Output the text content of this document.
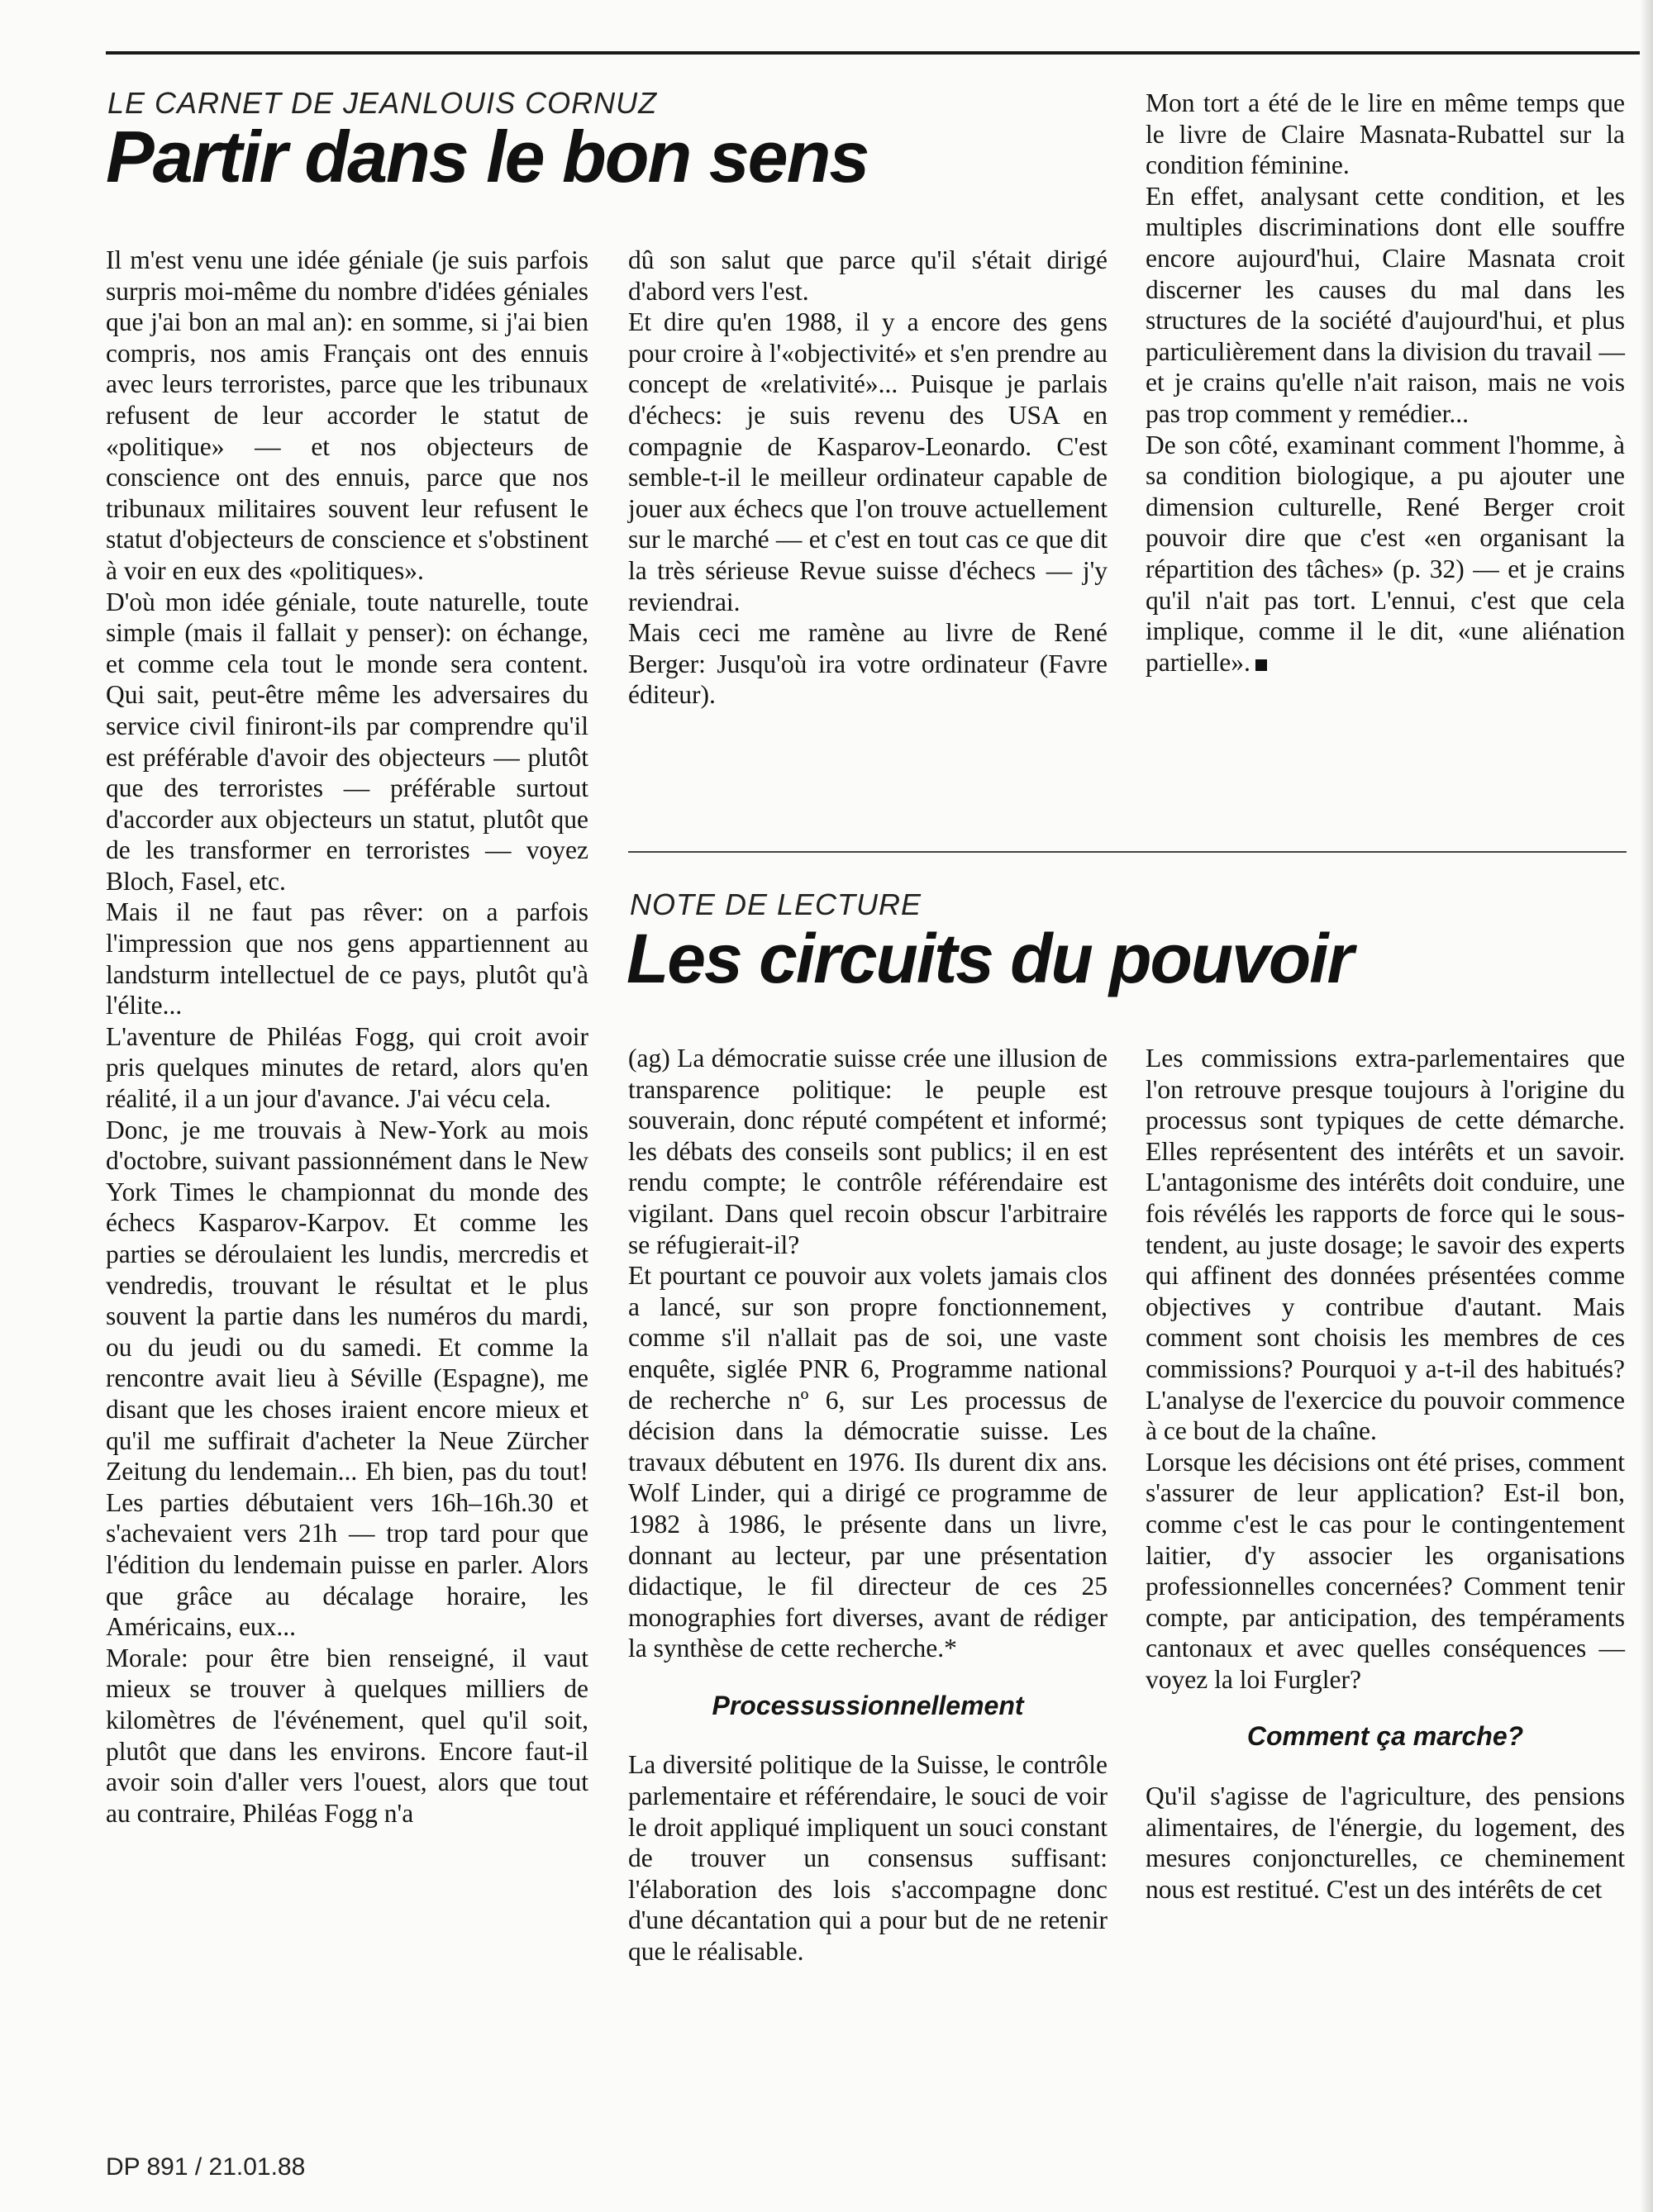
LE CARNET DE JEANLOUIS CORNUZ

Partir dans le bon sens

Il m'est venu une idée géniale (je suis parfois surpris moi-même du nombre d'idées géniales que j'ai bon an mal an): en somme, si j'ai bien compris, nos amis Français ont des ennuis avec leurs terroristes, parce que les tribunaux refusent de leur accorder le statut de «politique» — et nos objecteurs de conscience ont des ennuis, parce que nos tribunaux militaires souvent leur refusent le statut d'objecteurs de conscience et s'obstinent à voir en eux des «politiques».

D'où mon idée géniale, toute naturelle, toute simple (mais il fallait y penser): on échange, et comme cela tout le monde sera content. Qui sait, peut-être même les adversaires du service civil finiront-ils par comprendre qu'il est préférable d'avoir des objecteurs — plutôt que des terroristes — préférable surtout d'accorder aux objecteurs un statut, plutôt que de les transformer en terroristes — voyez Bloch, Fasel, etc.

Mais il ne faut pas rêver: on a parfois l'impression que nos gens appartiennent au landsturm intellectuel de ce pays, plutôt qu'à l'élite...

L'aventure de Philéas Fogg, qui croit avoir pris quelques minutes de retard, alors qu'en réalité, il a un jour d'avance. J'ai vécu cela.

Donc, je me trouvais à New-York au mois d'octobre, suivant passionnément dans le New York Times le championnat du monde des échecs Kasparov-Karpov. Et comme les parties se déroulaient les lundis, mercredis et vendredis, trouvant le résultat et le plus souvent la partie dans les numéros du mardi, ou du jeudi ou du samedi. Et comme la rencontre avait lieu à Séville (Espagne), me disant que les choses iraient encore mieux et qu'il me suffirait d'acheter la Neue Zürcher Zeitung du lendemain... Eh bien, pas du tout! Les parties débutaient vers 16h–16h.30 et s'achevaient vers 21h — trop tard pour que l'édition du lendemain puisse en parler. Alors que grâce au décalage horaire, les Américains, eux...

Morale: pour être bien renseigné, il vaut mieux se trouver à quelques milliers de kilomètres de l'événement, quel qu'il soit, plutôt que dans les environs. Encore faut-il avoir soin d'aller vers l'ouest, alors que tout au contraire, Philéas Fogg n'a

dû son salut que parce qu'il s'était dirigé d'abord vers l'est.

Et dire qu'en 1988, il y a encore des gens pour croire à l'«objectivité» et s'en prendre au concept de «relativité»... Puisque je parlais d'échecs: je suis revenu des USA en compagnie de Kasparov-Leonardo. C'est semble-t-il le meilleur ordinateur capable de jouer aux échecs que l'on trouve actuellement sur le marché — et c'est en tout cas ce que dit la très sérieuse Revue suisse d'échecs — j'y reviendrai.

Mais ceci me ramène au livre de René Berger: Jusqu'où ira votre ordinateur (Favre éditeur).

Mon tort a été de le lire en même temps que le livre de Claire Masnata-Rubattel sur la condition féminine.

En effet, analysant cette condition, et les multiples discriminations dont elle souffre encore aujourd'hui, Claire Masnata croit discerner les causes du mal dans les structures de la société d'aujourd'hui, et plus particulièrement dans la division du travail — et je crains qu'elle n'ait raison, mais ne vois pas trop comment y remédier...

De son côté, examinant comment l'homme, à sa condition biologique, a pu ajouter une dimension culturelle, René Berger croit pouvoir dire que c'est «en organisant la répartition des tâches» (p. 32) — et je crains qu'il n'ait pas tort. L'ennui, c'est que cela implique, comme il le dit, «une aliénation partielle».

NOTE DE LECTURE

Les circuits du pouvoir

(ag) La démocratie suisse crée une illusion de transparence politique: le peuple est souverain, donc réputé compétent et informé; les débats des conseils sont publics; il en est rendu compte; le contrôle référendaire est vigilant. Dans quel recoin obscur l'arbitraire se réfugierait-il?

Et pourtant ce pouvoir aux volets jamais clos a lancé, sur son propre fonctionnement, comme s'il n'allait pas de soi, une vaste enquête, siglée PNR 6, Programme national de recherche nº 6, sur Les processus de décision dans la démocratie suisse. Les travaux débutent en 1976. Ils durent dix ans. Wolf Linder, qui a dirigé ce programme de 1982 à 1986, le présente dans un livre, donnant au lecteur, par une présentation didactique, le fil directeur de ces 25 monographies fort diverses, avant de rédiger la synthèse de cette recherche.*

Processussionnellement

La diversité politique de la Suisse, le contrôle parlementaire et référendaire, le souci de voir le droit appliqué impliquent un souci constant de trouver un consensus suffisant: l'élaboration des lois s'accompagne donc d'une décantation qui a pour but de ne retenir que le réalisable.

Les commissions extra-parlementaires que l'on retrouve presque toujours à l'origine du processus sont typiques de cette démarche. Elles représentent des intérêts et un savoir. L'antagonisme des intérêts doit conduire, une fois révélés les rapports de force qui le sous-tendent, au juste dosage; le savoir des experts qui affinent des données présentées comme objectives y contribue d'autant. Mais comment sont choisis les membres de ces commissions? Pourquoi y a-t-il des habitués? L'analyse de l'exercice du pouvoir commence à ce bout de la chaîne.

Lorsque les décisions ont été prises, comment s'assurer de leur application? Est-il bon, comme c'est le cas pour le contingentement laitier, d'y associer les organisations professionnelles concernées? Comment tenir compte, par anticipation, des tempéraments cantonaux et avec quelles conséquences — voyez la loi Furgler?

Comment ça marche?

Qu'il s'agisse de l'agriculture, des pensions alimentaires, de l'énergie, du logement, des mesures conjoncturelles, ce cheminement nous est restitué. C'est un des intérêts de cet

DP 891 / 21.01.88
